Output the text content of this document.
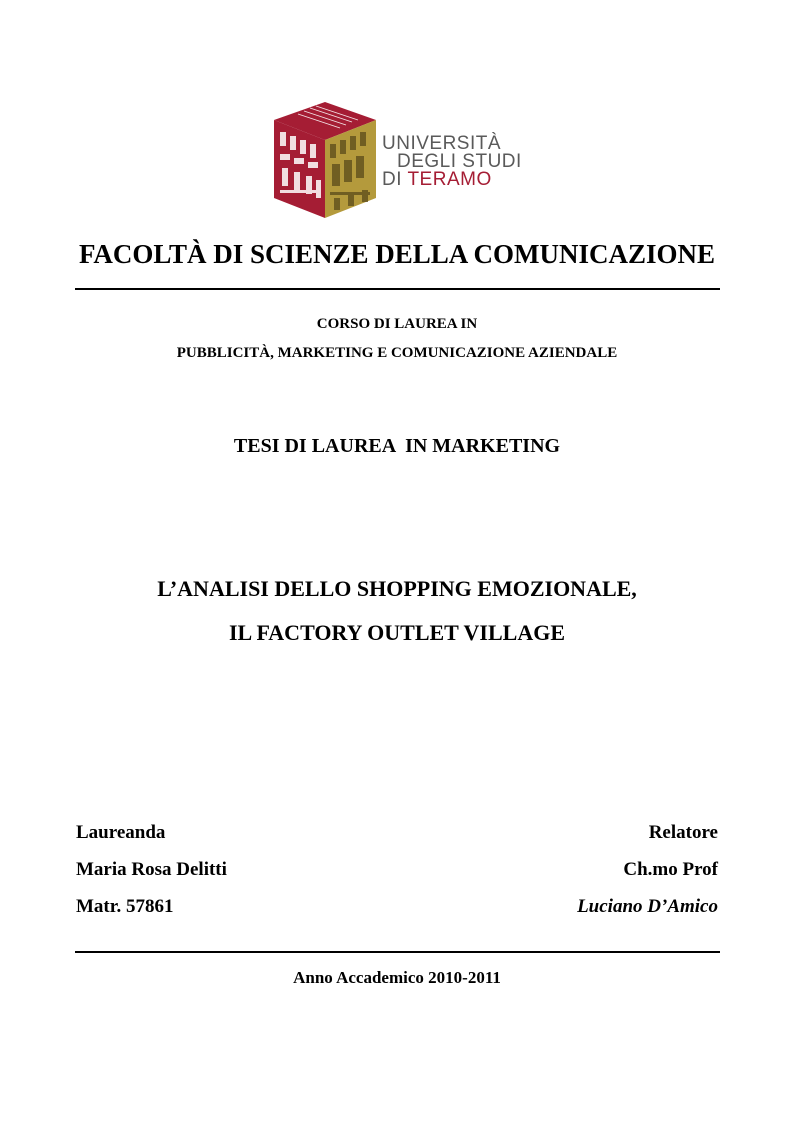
UNIVERSITÀ
DEGLI STUDI
DI TERAMO
FACOLTÀ DI SCIENZE DELLA COMUNICAZIONE
CORSO DI LAUREA IN
PUBBLICITÀ, MARKETING E COMUNICAZIONE AZIENDALE
TESI DI LAUREA  IN MARKETING
L’ANALISI DELLO SHOPPING EMOZIONALE,
IL FACTORY OUTLET VILLAGE
Laureanda
Maria Rosa Delitti
Matr. 57861
Relatore
Ch.mo Prof
Luciano D’Amico
Anno Accademico 2010-2011
